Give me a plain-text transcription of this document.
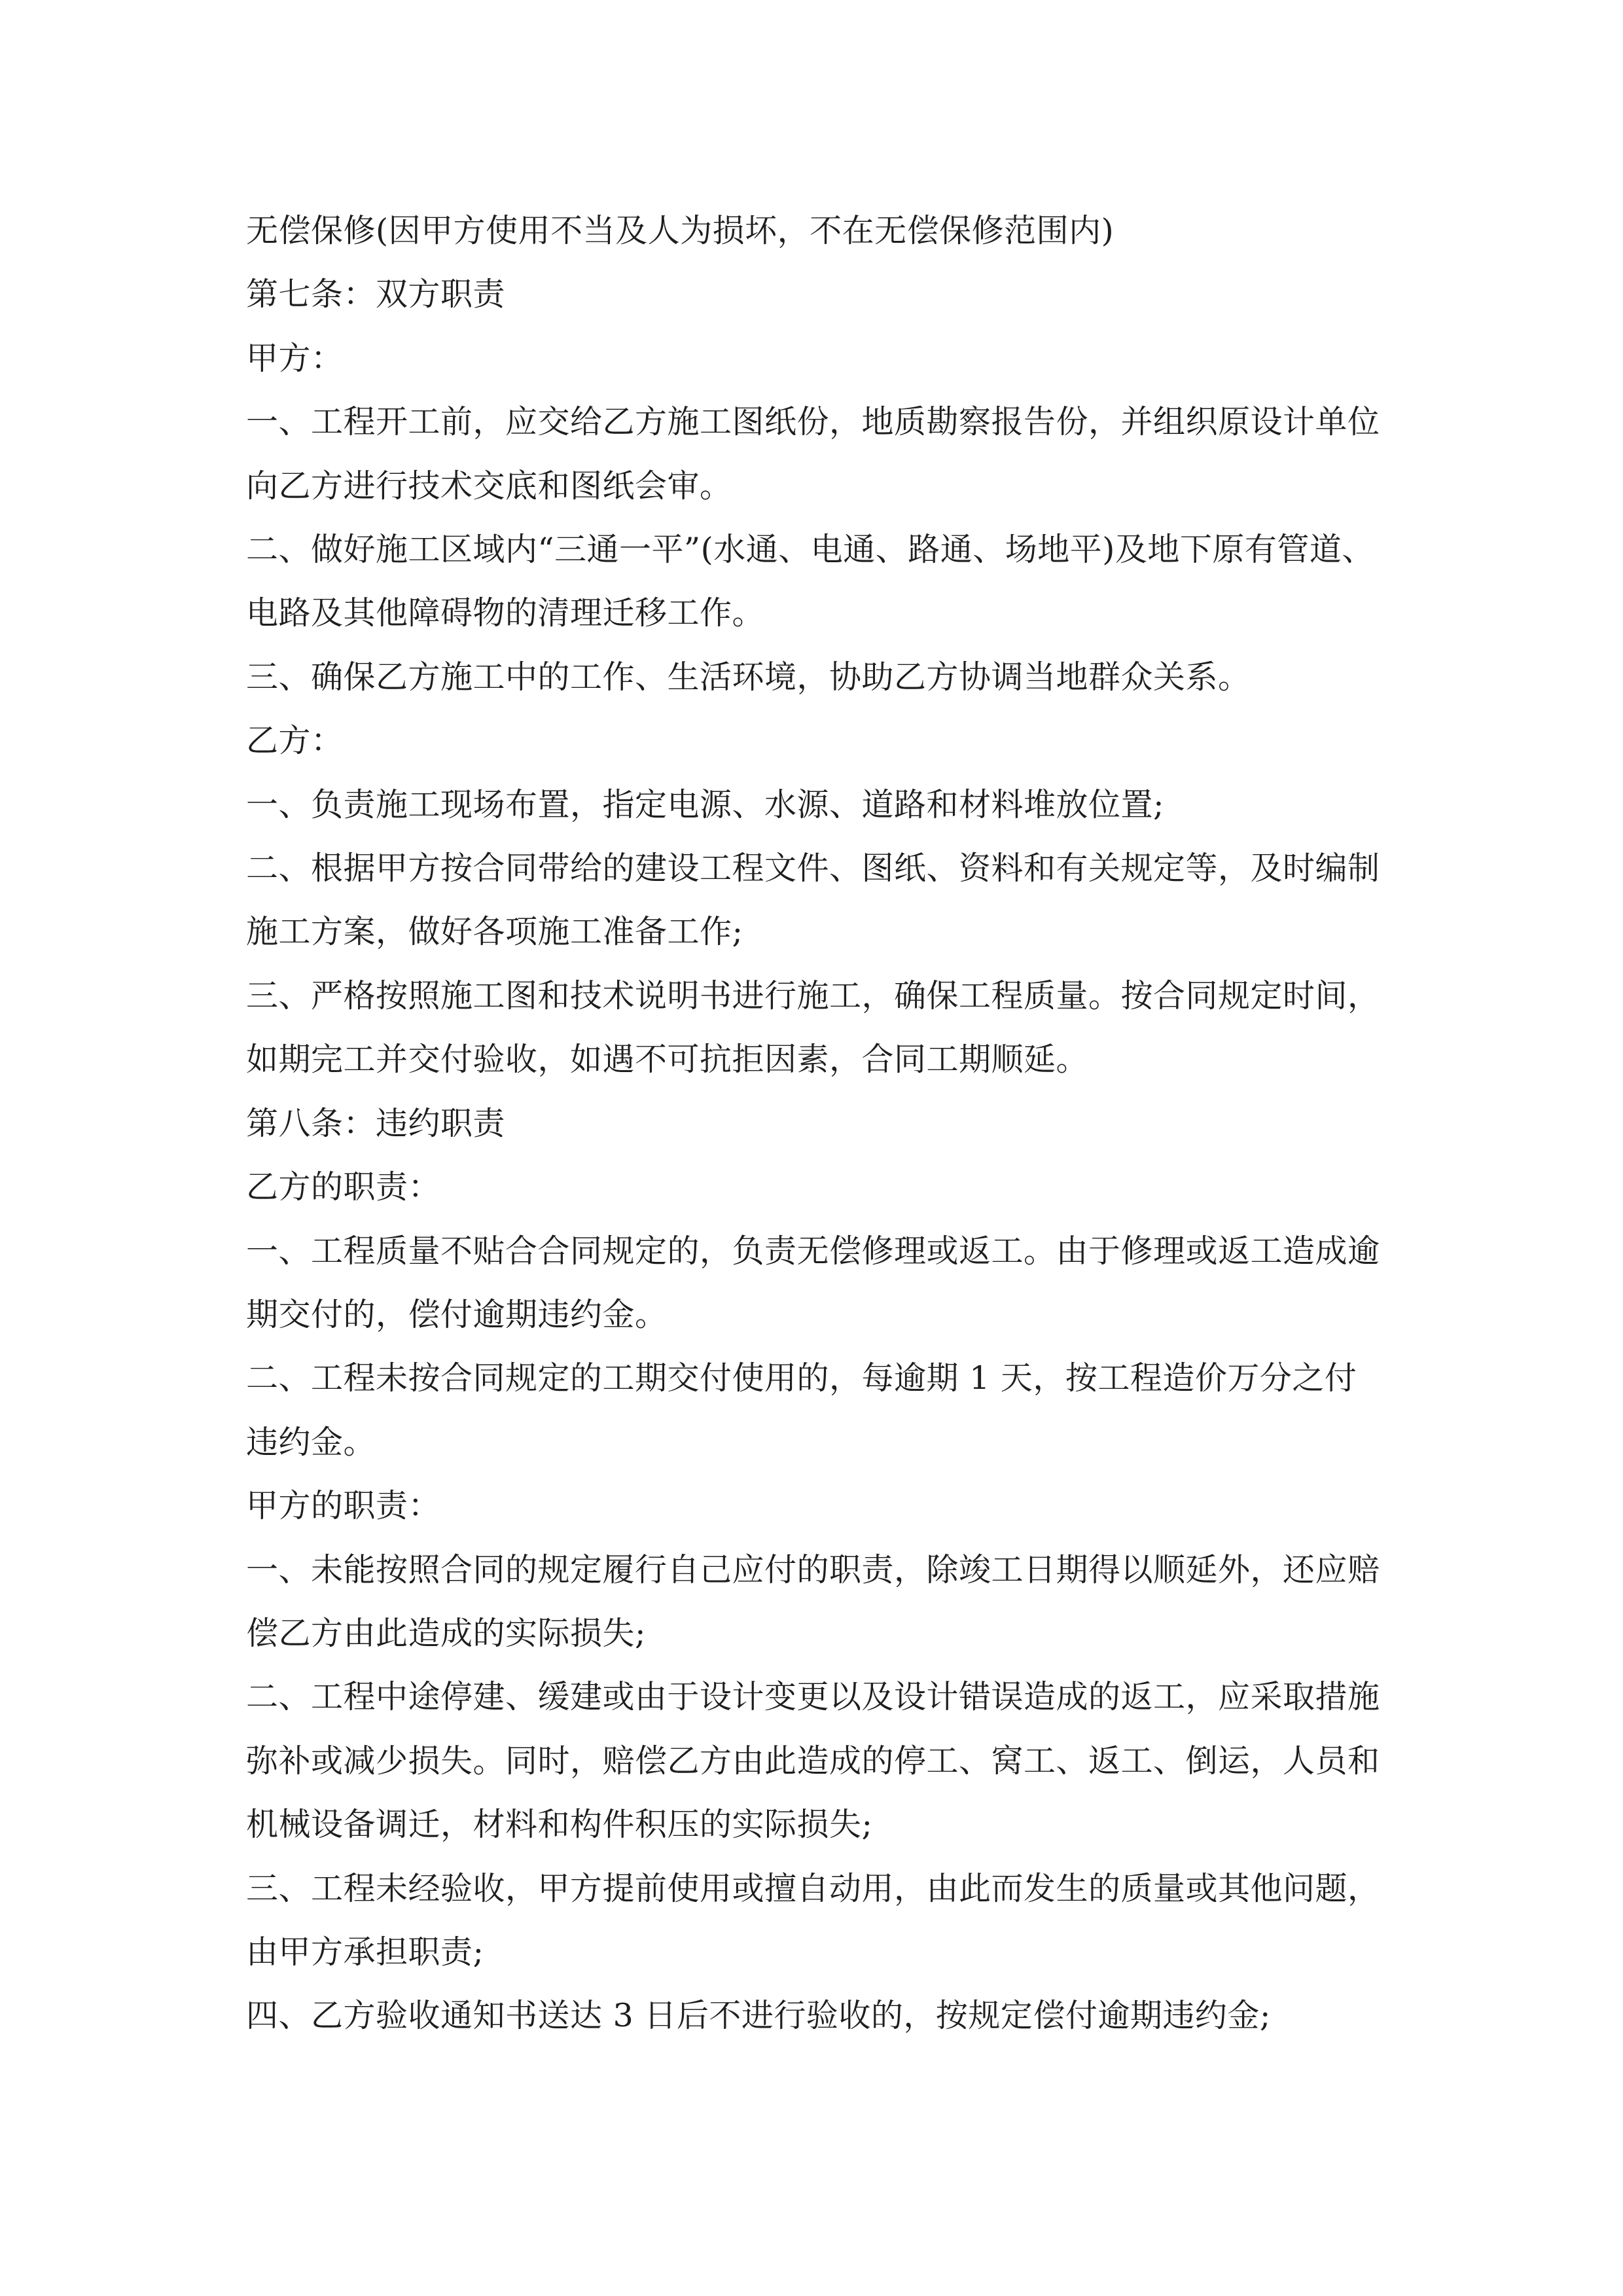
无偿保修(因甲方使用不当及人为损坏，不在无偿保修范围内)

第七条：双方职责

甲方：

一、工程开工前，应交给乙方施工图纸份，地质勘察报告份，并组织原设计单位向乙方进行技术交底和图纸会审。

二、做好施工区域内“三通一平”(水通、电通、路通、场地平)及地下原有管道、电路及其他障碍物的清理迁移工作。

三、确保乙方施工中的工作、生活环境，协助乙方协调当地群众关系。

乙方：

一、负责施工现场布置，指定电源、水源、道路和材料堆放位置;

二、根据甲方按合同带给的建设工程文件、图纸、资料和有关规定等，及时编制施工方案，做好各项施工准备工作;

三、严格按照施工图和技术说明书进行施工，确保工程质量。按合同规定时间，如期完工并交付验收，如遇不可抗拒因素，合同工期顺延。

第八条：违约职责

乙方的职责：

一、工程质量不贴合合同规定的，负责无偿修理或返工。由于修理或返工造成逾期交付的，偿付逾期违约金。

二、工程未按合同规定的工期交付使用的，每逾期 1 天，按工程造价万分之付违约金。

甲方的职责：

一、未能按照合同的规定履行自己应付的职责，除竣工日期得以顺延外，还应赔偿乙方由此造成的实际损失;

二、工程中途停建、缓建或由于设计变更以及设计错误造成的返工，应采取措施弥补或减少损失。同时，赔偿乙方由此造成的停工、窝工、返工、倒运，人员和机械设备调迁，材料和构件积压的实际损失;

三、工程未经验收，甲方提前使用或擅自动用，由此而发生的质量或其他问题，由甲方承担职责;

四、乙方验收通知书送达 3 日后不进行验收的，按规定偿付逾期违约金;
